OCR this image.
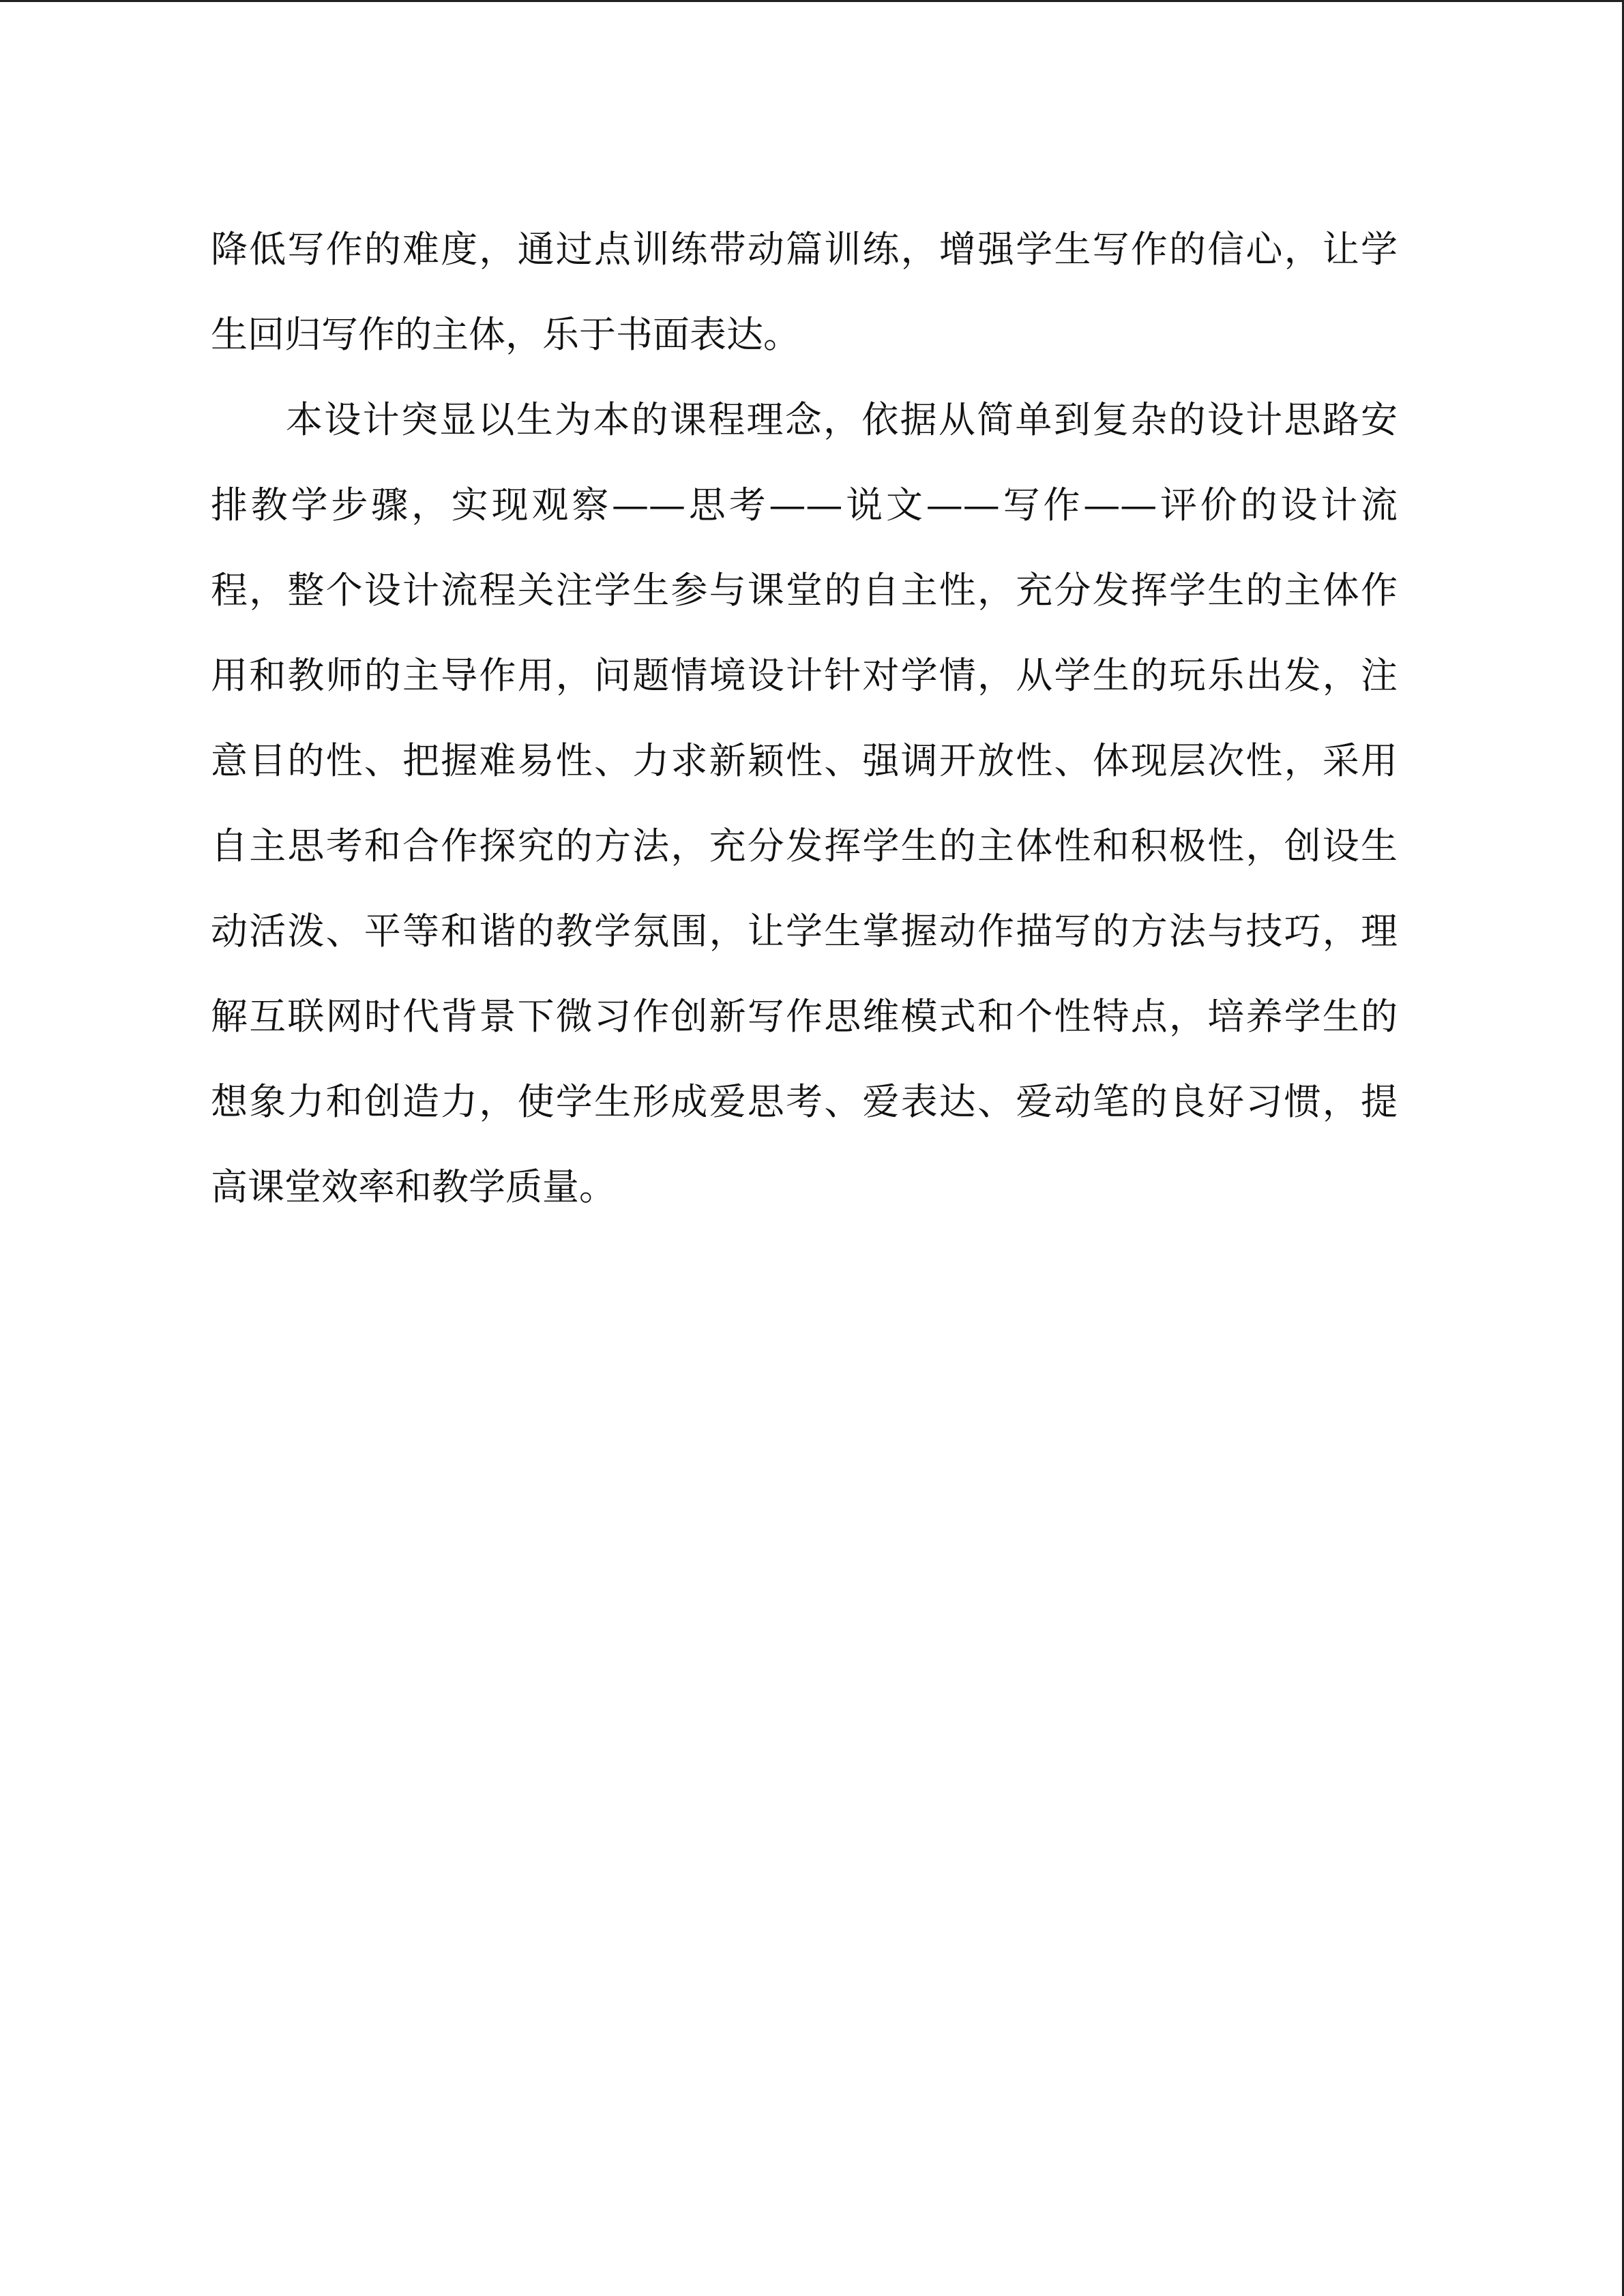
降低写作的难度，通过点训练带动篇训练，增强学生写作的信心，让学
生回归写作的主体，乐于书面表达。
本设计突显以生为本的课程理念，依据从简单到复杂的设计思路安
排教学步骤，实现观察——思考——说文——写作——评价的设计流
程，整个设计流程关注学生参与课堂的自主性，充分发挥学生的主体作
用和教师的主导作用，问题情境设计针对学情，从学生的玩乐出发，注
意目的性、把握难易性、力求新颖性、强调开放性、体现层次性，采用
自主思考和合作探究的方法，充分发挥学生的主体性和积极性，创设生
动活泼、平等和谐的教学氛围，让学生掌握动作描写的方法与技巧，理
解互联网时代背景下微习作创新写作思维模式和个性特点，培养学生的
想象力和创造力，使学生形成爱思考、爱表达、爱动笔的良好习惯，提
高课堂效率和教学质量。
